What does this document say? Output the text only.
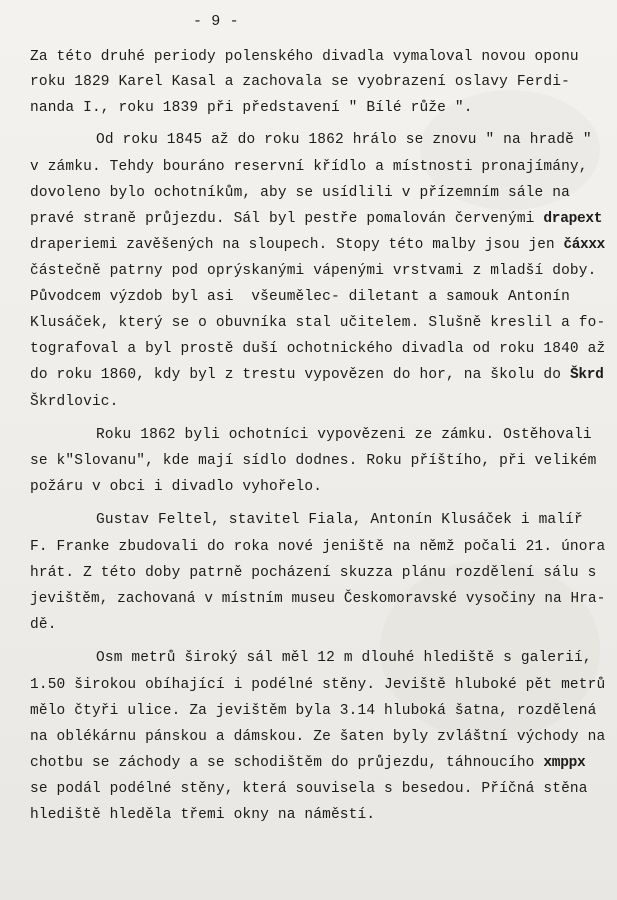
- 9 -
Za této druhé periody polenského divadla vymaloval novou oponu
roku 1829 Karel Kasal a zachovala se vyobrazení oslavy Ferdi-
nanda I., roku 1839 při představení " Bílé růže ".
Od roku 1845 až do roku 1862 hrálo se znovu " na hradě "
v zámku. Tehdy bouráno reservní křídlo a místnosti pronajímány,
dovoleno bylo ochotníkům, aby se usídlili v přízemním sále na
pravé straně průjezdu. Sál byl pestře pomalován červenými drapext
draperiemi zavěšených na sloupech. Stopy této malby jsou jen čáxxx
částečně patrny pod oprýskanými vápenými vrstvami z mladší doby.
Původcem výzdob byl asi  všeumělec- diletant a samouk Antonín
Klusáček, který se o obuvníka stal učitelem. Slušně kreslil a fo-
tografoval a byl prostě duší ochotnického divadla od roku 1840 až
do roku 1860, kdy byl z trestu vypovězen do hor, na školu do Škrd
Škrdlovic.
Roku 1862 byli ochotníci vypovězeni ze zámku. Ostěhovali
se k"Slovanu", kde mají sídlo dodnes. Roku příštího, při velikém
požáru v obci i divadlo vyhořelo.
Gustav Feltel, stavitel Fiala, Antonín Klusáček i malíř
F. Franke zbudovali do roka nové jeniště na němž počali 21. února
hrát. Z této doby patrně pocházení skuzza plánu rozdělení sálu s
jevištěm, zachovaná v místním museu Českomoravské vysočiny na Hra-
dě.
Osm metrů široký sál měl 12 m dlouhé hlediště s galerií,
1.50 širokou obíhající i podélné stěny. Jeviště hluboké pět metrů
mělo čtyři ulice. Za jevištěm byla 3.14 hluboká šatna, rozdělená
na oblékárnu pánskou a dámskou. Ze šaten byly zvláštní východy na
chotbu se záchody a se schodištěm do průjezdu, táhnoucího xmppx
se podál podélné stěny, která souvisela s besedou. Příčná stěna
hlediště hleděla třemi okny na náměstí.
